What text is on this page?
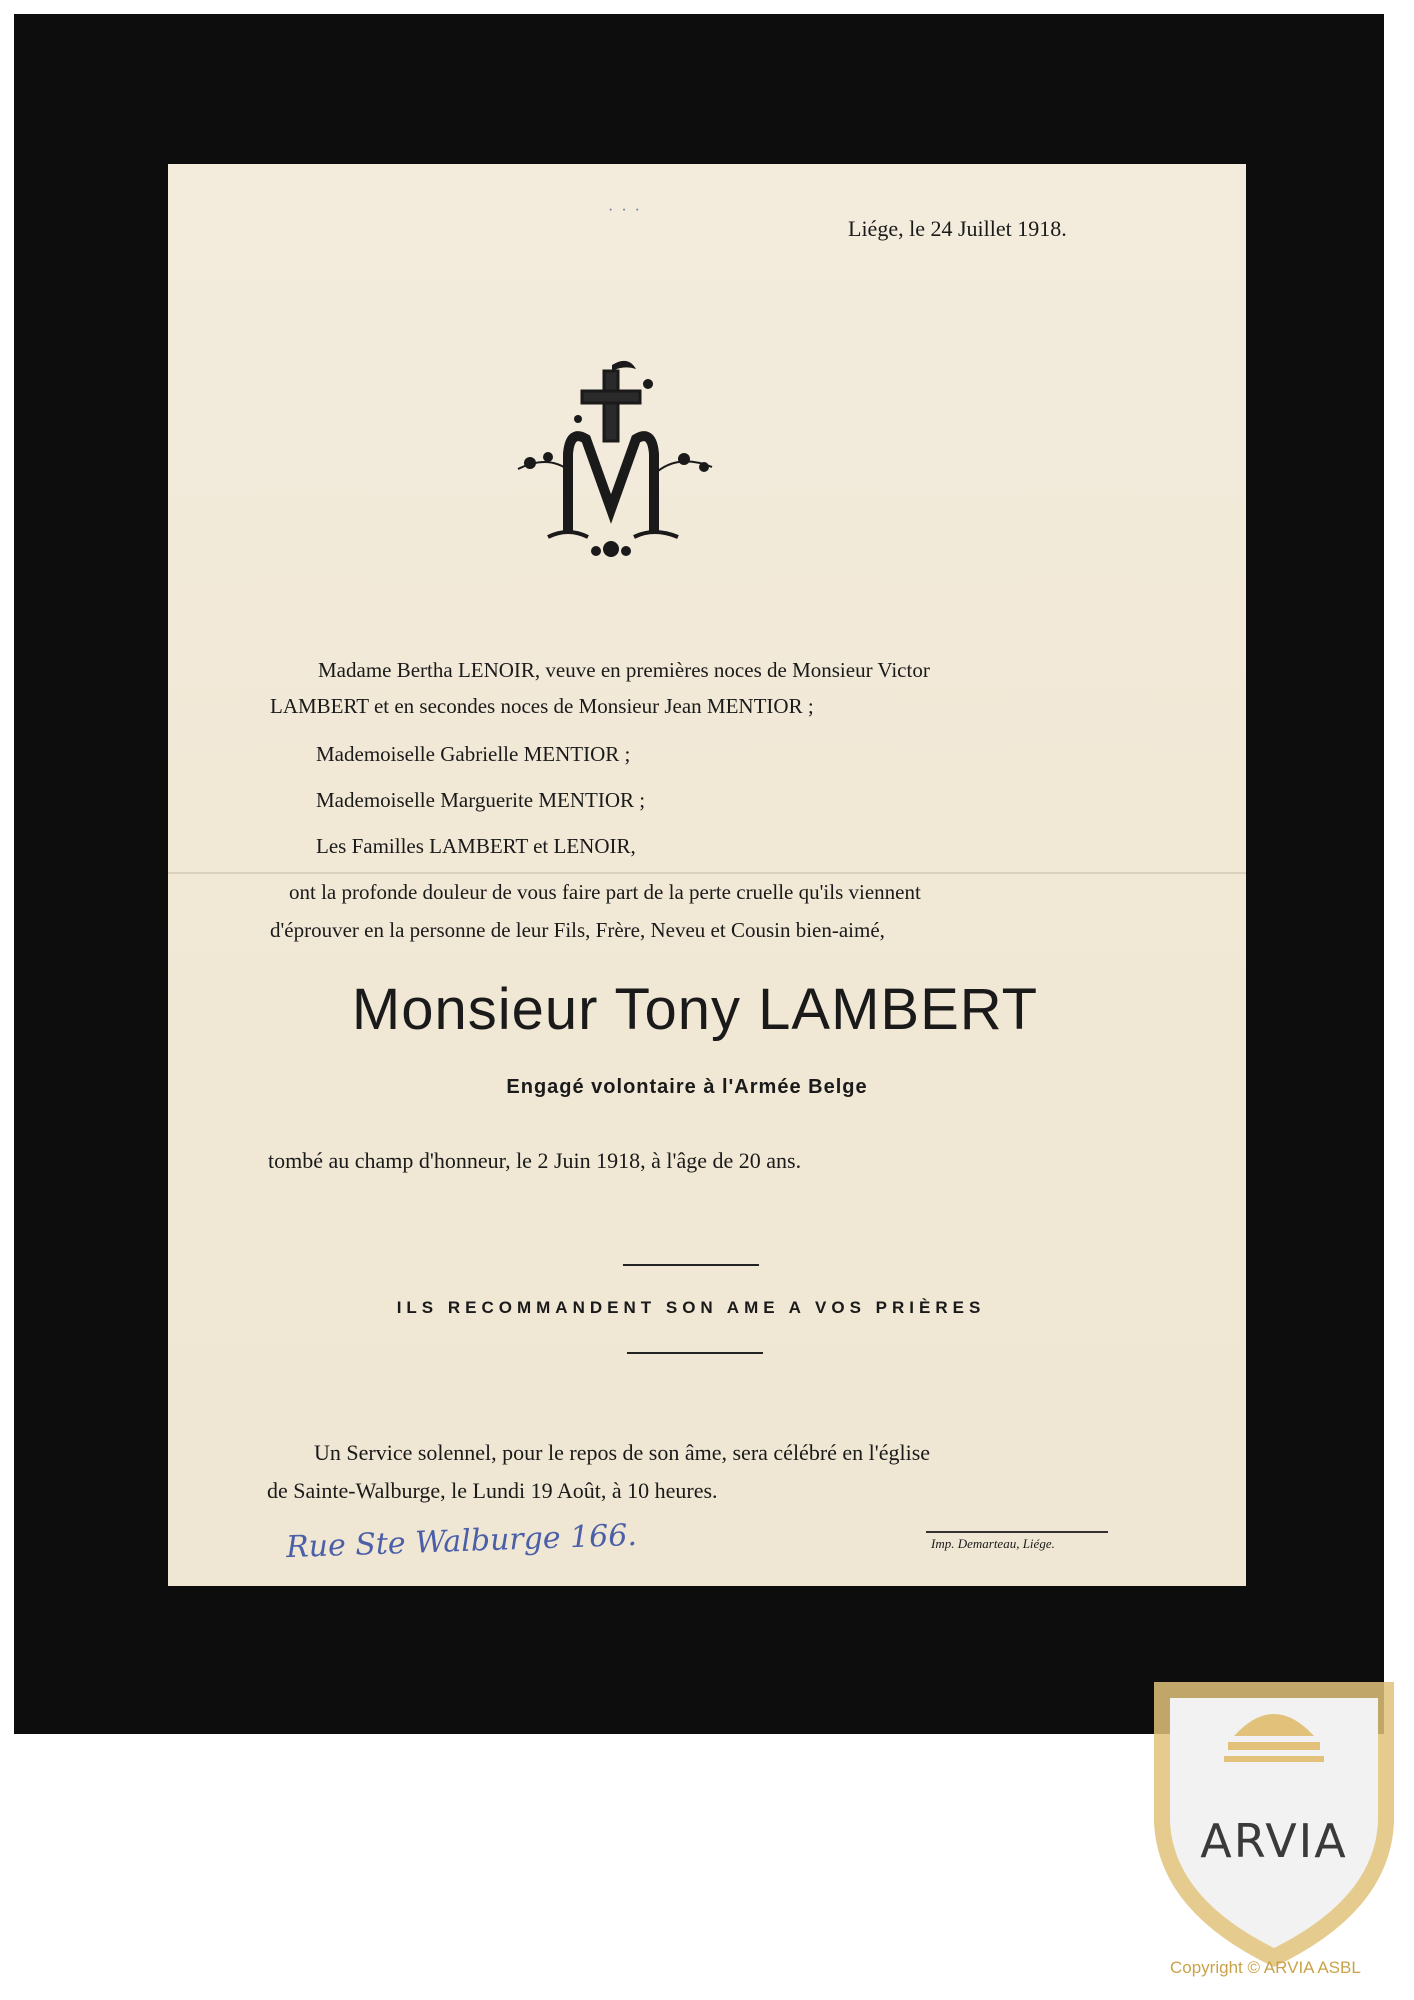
· · ·
Liége, le 24 Juillet 1918.
Madame Bertha LENOIR, veuve en premières noces de Monsieur Victor
LAMBERT et en secondes noces de Monsieur Jean MENTIOR ;
Mademoiselle Gabrielle MENTIOR ;
Mademoiselle Marguerite MENTIOR ;
Les Familles LAMBERT et LENOIR,
ont la profonde douleur de vous faire part de la perte cruelle qu'ils viennent
d'éprouver en la personne de leur Fils, Frère, Neveu et Cousin bien-aimé,
Monsieur Tony LAMBERT
Engagé volontaire à l'Armée Belge
tombé au champ d'honneur, le 2 Juin 1918, à l'âge de 20 ans.
ILS RECOMMANDENT SON AME A VOS PRIÈRES
Un Service solennel, pour le repos de son âme, sera célébré en l'église
de Sainte-Walburge, le Lundi 19 Août, à 10 heures.
Rue Ste Walburge 166.	Imp. Demarteau, Liége.
ARVIA
Copyright © ARVIA ASBL
